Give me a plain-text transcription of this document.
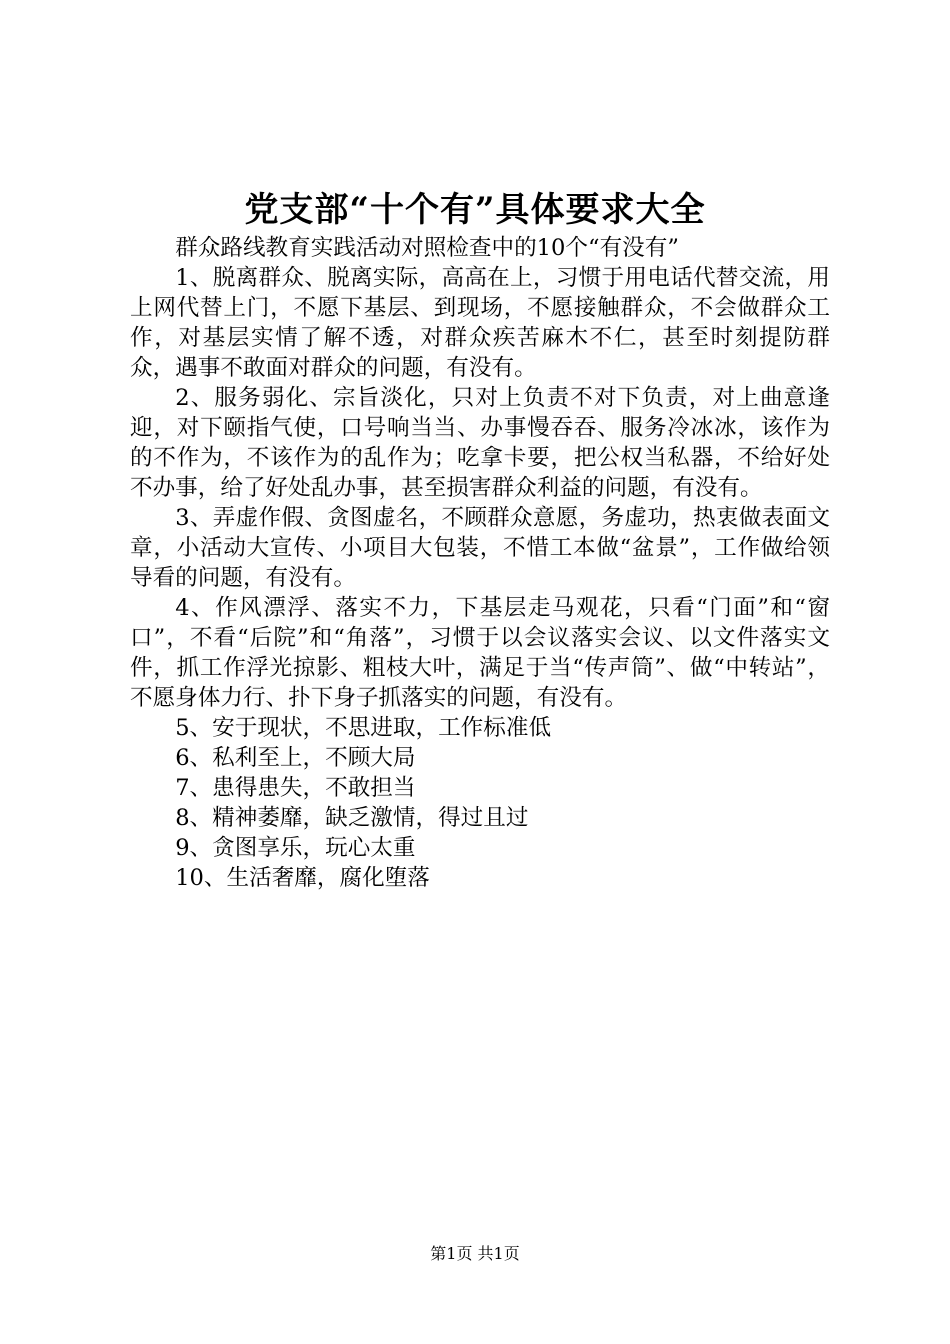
党支部“十个有”具体要求大全

群众路线教育实践活动对照检查中的10个“有没有”

1、脱离群众、脱离实际，高高在上，习惯于用电话代替交流，用上网代替上门，不愿下基层、到现场，不愿接触群众，不会做群众工作，对基层实情了解不透，对群众疾苦麻木不仁，甚至时刻提防群众，遇事不敢面对群众的问题，有没有。

2、服务弱化、宗旨淡化，只对上负责不对下负责，对上曲意逢迎，对下颐指气使，口号响当当、办事慢吞吞、服务冷冰冰，该作为的不作为，不该作为的乱作为；吃拿卡要，把公权当私器，不给好处不办事，给了好处乱办事，甚至损害群众利益的问题，有没有。

3、弄虚作假、贪图虚名，不顾群众意愿，务虚功，热衷做表面文章，小活动大宣传、小项目大包装，不惜工本做“盆景”，工作做给领导看的问题，有没有。

4、作风漂浮、落实不力，下基层走马观花，只看“门面”和“窗口”，不看“后院”和“角落”，习惯于以会议落实会议、以文件落实文件，抓工作浮光掠影、粗枝大叶，满足于当“传声筒”、做“中转站”，不愿身体力行、扑下身子抓落实的问题，有没有。

5、安于现状，不思进取，工作标准低

6、私利至上，不顾大局

7、患得患失，不敢担当

8、精神萎靡，缺乏激情，得过且过

9、贪图享乐，玩心太重

10、生活奢靡，腐化堕落

第1页 共1页
